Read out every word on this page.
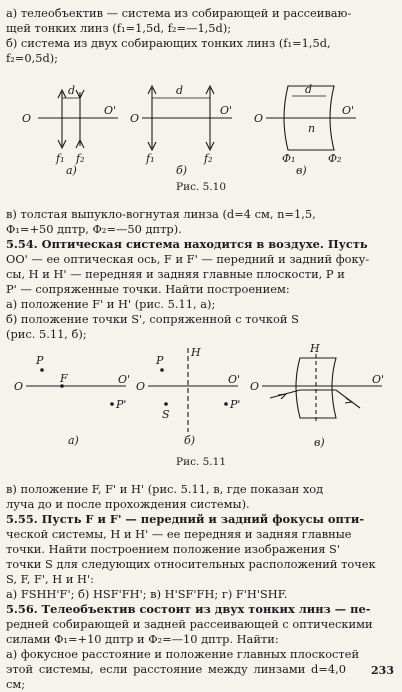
а) телеобъектив — система из собирающей и рассеиваю-

щей тонких линз (f₁=1,5d, f₂=—1,5d);

б) система из двух собирающих тонких линз (f₁=1,5d,

f₂=0,5d);

O
O'
d
f₁ f₂
а)
O
O'
d
f₁	f₂
б)
O
O'
d
n
Φ₁	Φ₂
в)
Рис. 5.10

в) толстая выпукло-вогнутая линза (d=4 см, n=1,5,

Φ₁=+50 дптр, Φ₂=—50 дптр).

5.54. Оптическая система находится в воздухе. Пусть

OO' — ее оптическая ось, F и F' — передний и задний фоку-

сы, H и H' — передняя и задняя главные плоскости, P и

P' — сопряженные точки. Найти построением:

а) положение F' и H' (рис. 5.11, а);

б) положение точки S', сопряженной с точкой S

(рис. 5.11, б);

O
O'
P
F
P'
а)
O
O'
P
H
S
P'
б)
O
O'
H
в)
Рис. 5.11

в) положение F, F' и H' (рис. 5.11, в, где показан ход

луча до и после прохождения системы).

5.55. Пусть F и F' — передний и задний фокусы опти-

ческой системы, H и H' — ее передняя и задняя главные

точки. Найти построением положение изображения S'

точки S для следующих относительных расположений точек

S, F, F', H и H':

а) FSHH'F'; б) HSF'FH'; в) H'SF'FH; г) F'H'SHF.

5.56. Телеобъектив состоит из двух тонких линз — пе-

редней собирающей и задней рассеивающей с оптическими

силами Φ₁=+10 дптр и Φ₂=—10 дптр. Найти:

а) фокусное расстояние и положение главных плоскостей

этой системы, если расстояние между линзами d=4,0 см;

233
